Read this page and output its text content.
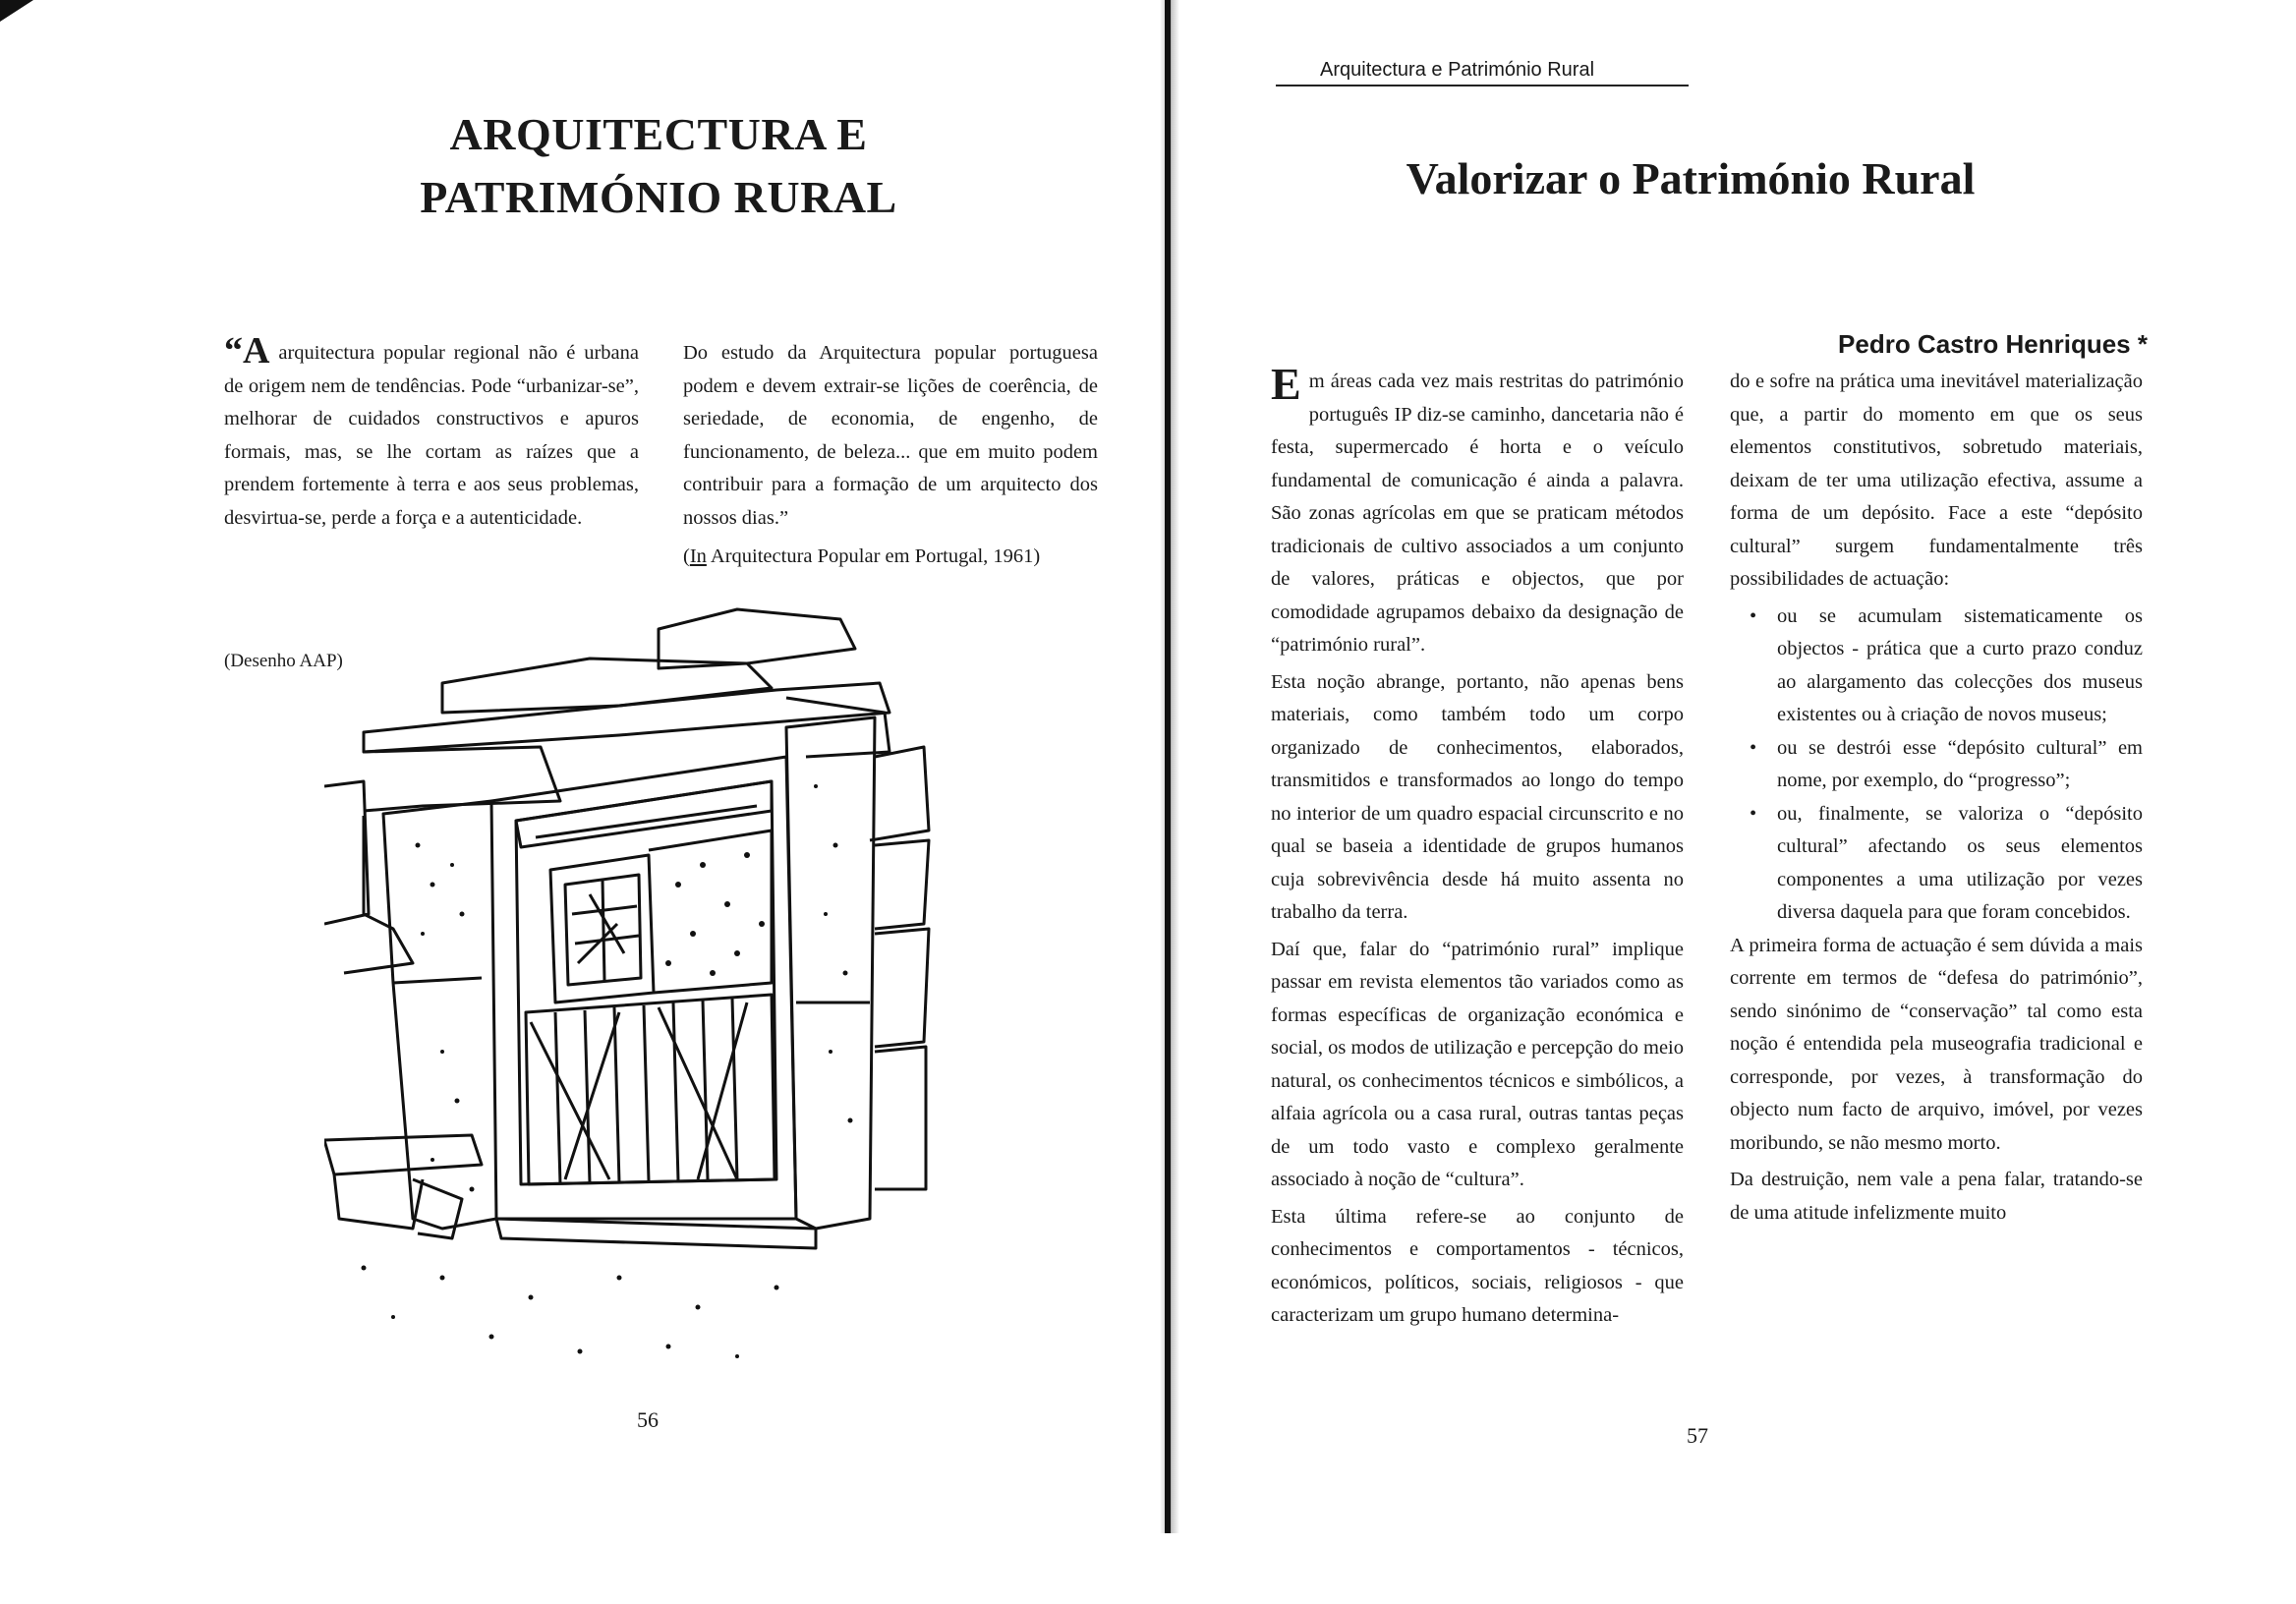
ARQUITECTURA E
PATRIMÓNIO RURAL
“A arquitectura popular regional não é urbana de origem nem de tendências. Pode “urbanizar-se”, melhorar de cuidados constructivos e apuros formais, mas, se lhe cortam as raízes que a prendem fortemente à terra e aos seus problemas, desvirtua-se, perde a força e a autenticidade.
Do estudo da Arquitectura popular portuguesa podem e devem extrair-se lições de coerência, de seriedade, de economia, de engenho, de funcionamento, de beleza... que em muito podem contribuir para a formação de um arquitecto dos nossos dias.”
(In Arquitectura Popular em Portugal, 1961)
(Desenho AAP)
56
Arquitectura e Património Rural
Valorizar o Património Rural
Pedro Castro Henriques *
Em áreas cada vez mais restritas do património português IP diz-se caminho, dancetaria não é festa, supermercado é horta e o veículo fundamental de comunicação é ainda a palavra. São zonas agrícolas em que se praticam métodos tradicionais de cultivo associados a um conjunto de valores, práticas e objectos, que por comodidade agrupamos debaixo da designação de “património rural”.
Esta noção abrange, portanto, não apenas bens materiais, como também todo um corpo organizado de conhecimentos, elaborados, transmitidos e transformados ao longo do tempo no interior de um quadro espacial circunscrito e no qual se baseia a identidade de grupos humanos cuja sobrevivência desde há muito assenta no trabalho da terra.
Daí que, falar do “património rural” implique passar em revista elementos tão variados como as formas específicas de organização económica e social, os modos de utilização e percepção do meio natural, os conhecimentos técnicos e simbólicos, a alfaia agrícola ou a casa rural, outras tantas peças de um todo vasto e complexo geralmente associado à noção de “cultura”.
Esta última refere-se ao conjunto de conhecimentos e comportamentos - técnicos, económicos, políticos, sociais, religiosos - que caracterizam um grupo humano determina-
do e sofre na prática uma inevitável materialização que, a partir do momento em que os seus elementos constitutivos, sobretudo materiais, deixam de ter uma utilização efectiva, assume a forma de um depósito. Face a este “depósito cultural” surgem fundamentalmente três possibilidades de actuação:
• ou se acumulam sistematicamente os objectos - prática que a curto prazo conduz ao alargamento das colecções dos museus existentes ou à criação de novos museus;
• ou se destrói esse “depósito cultural” em nome, por exemplo, do “progresso”;
• ou, finalmente, se valoriza o “depósito cultural” afectando os seus elementos componentes a uma utilização por vezes diversa daquela para que foram concebidos.
A primeira forma de actuação é sem dúvida a mais corrente em termos de “defesa do património”, sendo sinónimo de “conservação” tal como esta noção é entendida pela museografia tradicional e corresponde, por vezes, à transformação do objecto num facto de arquivo, imóvel, por vezes moribundo, se não mesmo morto.
Da destruição, nem vale a pena falar, tratando-se de uma atitude infelizmente muito
57
